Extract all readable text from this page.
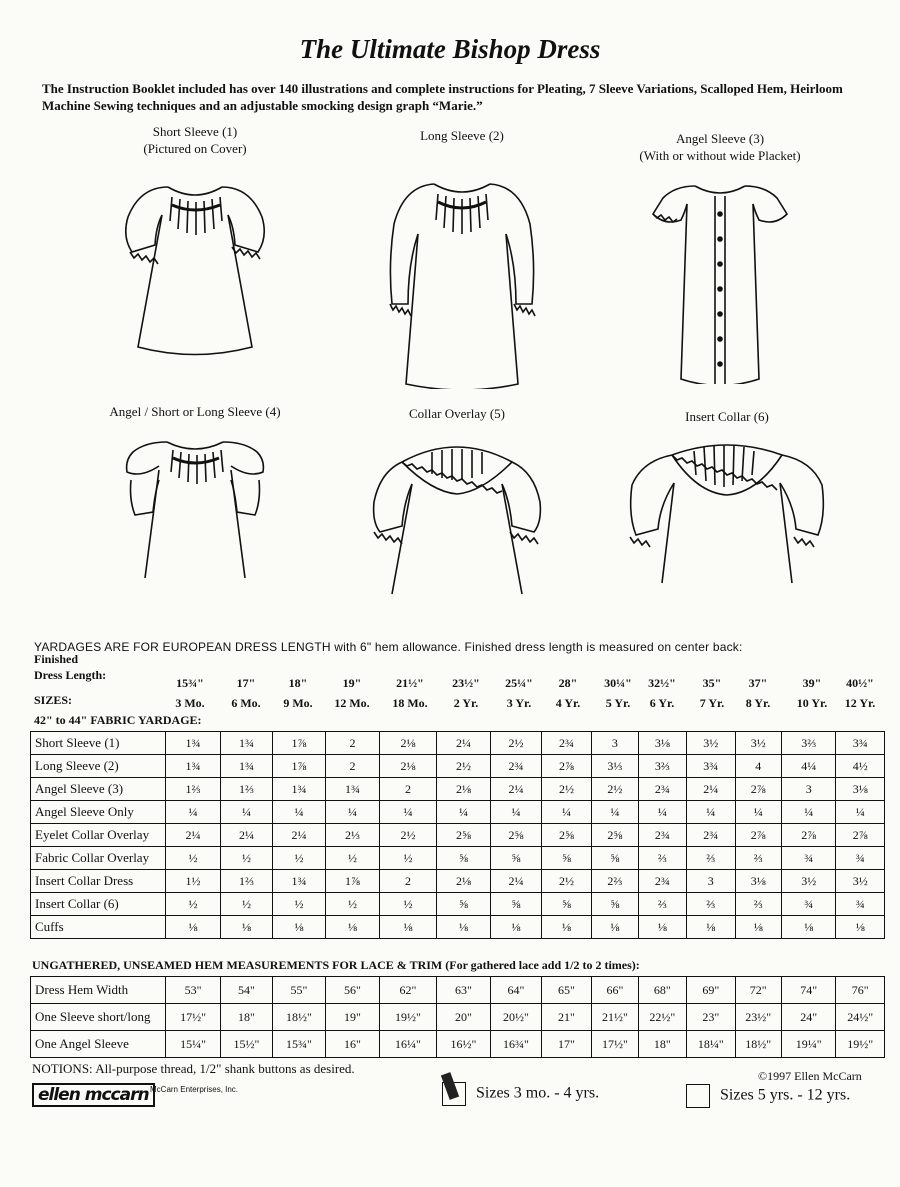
The Ultimate Bishop Dress
The Instruction Booklet included has over 140 illustrations and complete instructions for Pleating, 7 Sleeve Variations, Scalloped Hem, Heirloom Machine Sewing techniques and an adjustable smocking design graph “Marie.”
Short Sleeve (1)
(Pictured on Cover)
Long Sleeve (2)	Angel Sleeve (3)
(With or without wide Placket)
Angel / Short or Long Sleeve (4)	Collar Overlay (5)	Insert Collar (6)
YARDAGES ARE FOR EUROPEAN DRESS LENGTH with 6" hem allowance. Finished dress length is measured on center back:
Finished
Dress Length:
SIZES:
15¾"	17"	18"	19"	21½"	23½"	25¼"	28"	30¼"	32½"	35"	37"	39"	40½"
3 Mo.	6 Mo.	9 Mo.	12 Mo.	18 Mo.	2 Yr.	3 Yr.	4 Yr.	5 Yr.	6 Yr.	7 Yr.	8 Yr.	10 Yr.	12 Yr.
42" to 44" FABRIC YARDAGE:
Short Sleeve (1)	1¾	1¾	1⅞	2	2⅛	2¼	2½	2¾	3	3⅛	3½	3½	3⅔	3¾
Long Sleeve (2)	1¾	1¾	1⅞	2	2⅛	2½	2¾	2⅞	3⅓	3⅔	3¾	4	4¼	4½
Angel Sleeve (3)	1⅔	1⅔	1¾	1¾	2	2⅛	2¼	2½	2½	2¾	2¼	2⅞	3	3⅛
Angel Sleeve Only	¼	¼	¼	¼	¼	¼	¼	¼	¼	¼	¼	¼	¼	¼
Eyelet Collar Overlay	2¼	2¼	2¼	2⅓	2½	2⅝	2⅝	2⅝	2⅝	2¾	2¾	2⅞	2⅞	2⅞
Fabric Collar Overlay	½	½	½	½	½	⅝	⅝	⅝	⅝	⅔	⅔	⅔	¾	¾
Insert Collar Dress	1½	1⅔	1¾	1⅞	2	2⅛	2¼	2½	2⅔	2¾	3	3⅛	3½	3½
Insert Collar (6)	½	½	½	½	½	⅝	⅝	⅝	⅝	⅔	⅔	⅔	¾	¾
Cuffs	⅛	⅛	⅛	⅛	⅛	⅛	⅛	⅛	⅛	⅛	⅛	⅛	⅛	⅛
UNGATHERED, UNSEAMED HEM MEASUREMENTS FOR LACE & TRIM (For gathered lace add 1/2 to 2 times):
Dress Hem Width	53"	54"	55"	56"	62"	63"	64"	65"	66"	68"	69"	72"	74"	76"
One Sleeve short/long	17½"	18"	18½"	19"	19½"	20"	20½"	21"	21½"	22½"	23"	23½"	24"	24½"
One Angel Sleeve	15¼"	15½"	15¾"	16"	16¼"	16½"	16¾"	17"	17½"	18"	18¼"	18½"	19¼"	19½"
NOTIONS: All-purpose thread, 1/2" shank buttons as desired.	©1997 Ellen McCarn
ellen mccarn McCarn Enterprises, Inc.	Sizes 3 mo. - 4 yrs.	Sizes 5 yrs. - 12 yrs.
